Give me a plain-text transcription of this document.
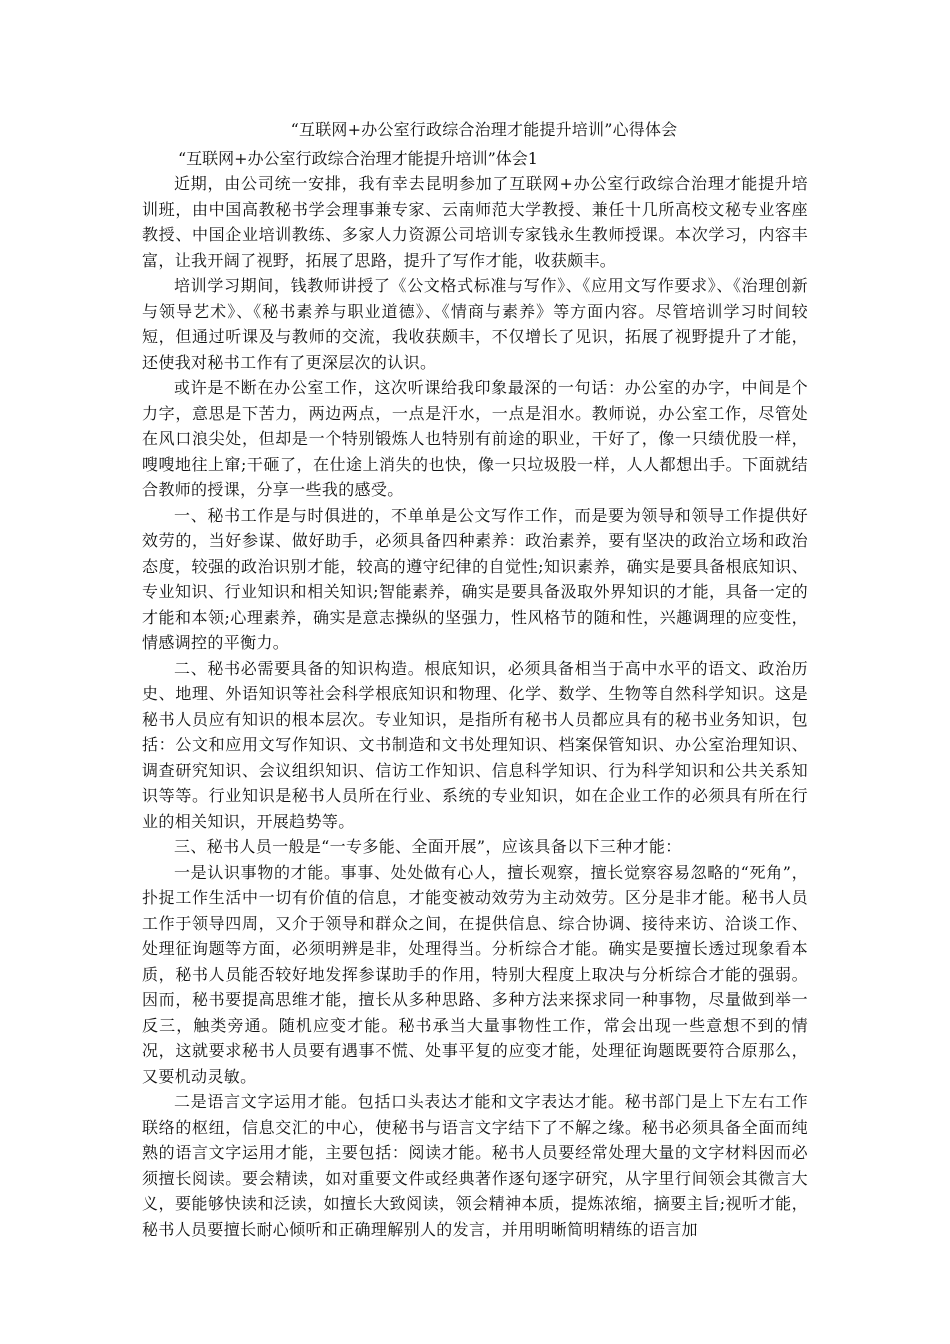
“互联网+办公室行政综合治理才能提升培训”心得体会
“互联网+办公室行政综合治理才能提升培训”体会1

近期，由公司统一安排，我有幸去昆明参加了互联网+办公室行政综合治理才能提升培训班，由中国高教秘书学会理事兼专家、云南师范大学教授、兼任十几所高校文秘专业客座教授、中国企业培训教练、多家人力资源公司培训专家钱永生教师授课。本次学习，内容丰富，让我开阔了视野，拓展了思路，提升了写作才能，收获颇丰。

培训学习期间，钱教师讲授了《公文格式标准与写作》、《应用文写作要求》、《治理创新与领导艺术》、《秘书素养与职业道德》、《情商与素养》等方面内容。尽管培训学习时间较短，但通过听课及与教师的交流，我收获颇丰，不仅增长了见识，拓展了视野提升了才能，还使我对秘书工作有了更深层次的认识。

或许是不断在办公室工作，这次听课给我印象最深的一句话：办公室的办字，中间是个力字，意思是下苦力，两边两点，一点是汗水，一点是泪水。教师说，办公室工作，尽管处在风口浪尖处，但却是一个特别锻炼人也特别有前途的职业，干好了，像一只绩优股一样，嗖嗖地往上窜;干砸了，在仕途上消失的也快，像一只垃圾股一样，人人都想出手。下面就结合教师的授课，分享一些我的感受。

一、秘书工作是与时俱进的，不单单是公文写作工作，而是要为领导和领导工作提供好效劳的，当好参谋、做好助手，必须具备四种素养：政治素养，要有坚决的政治立场和政治态度，较强的政治识别才能，较高的遵守纪律的自觉性;知识素养，确实是要具备根底知识、专业知识、行业知识和相关知识;智能素养，确实是要具备汲取外界知识的才能，具备一定的才能和本领;心理素养，确实是意志操纵的坚强力，性风格节的随和性，兴趣调理的应变性，情感调控的平衡力。

二、秘书必需要具备的知识构造。根底知识，必须具备相当于高中水平的语文、政治历史、地理、外语知识等社会科学根底知识和物理、化学、数学、生物等自然科学知识。这是秘书人员应有知识的根本层次。专业知识，是指所有秘书人员都应具有的秘书业务知识，包括：公文和应用文写作知识、文书制造和文书处理知识、档案保管知识、办公室治理知识、调查研究知识、会议组织知识、信访工作知识、信息科学知识、行为科学知识和公共关系知识等等。行业知识是秘书人员所在行业、系统的专业知识，如在企业工作的必须具有所在行业的相关知识，开展趋势等。

三、秘书人员一般是“一专多能、全面开展”，应该具备以下三种才能：

一是认识事物的才能。事事、处处做有心人，擅长观察，擅长觉察容易忽略的“死角”，扑捉工作生活中一切有价值的信息，才能变被动效劳为主动效劳。区分是非才能。秘书人员工作于领导四周，又介于领导和群众之间，在提供信息、综合协调、接待来访、洽谈工作、处理征询题等方面，必须明辨是非，处理得当。分析综合才能。确实是要擅长透过现象看本质，秘书人员能否较好地发挥参谋助手的作用，特别大程度上取决与分析综合才能的强弱。因而，秘书要提高思维才能，擅长从多种思路、多种方法来探求同一种事物，尽量做到举一反三，触类旁通。随机应变才能。秘书承当大量事物性工作，常会出现一些意想不到的情况，这就要求秘书人员要有遇事不慌、处事平复的应变才能，处理征询题既要符合原那么，又要机动灵敏。

二是语言文字运用才能。包括口头表达才能和文字表达才能。秘书部门是上下左右工作联络的枢纽，信息交汇的中心，使秘书与语言文字结下了不解之缘。秘书必须具备全面而纯熟的语言文字运用才能，主要包括：阅读才能。秘书人员要经常处理大量的文字材料因而必须擅长阅读。要会精读，如对重要文件或经典著作逐句逐字研究，从字里行间领会其微言大义，要能够快读和泛读，如擅长大致阅读，领会精神本质，提炼浓缩，摘要主旨;视听才能，秘书人员要擅长耐心倾听和正确理解别人的发言，并用明晰简明精练的语言加
